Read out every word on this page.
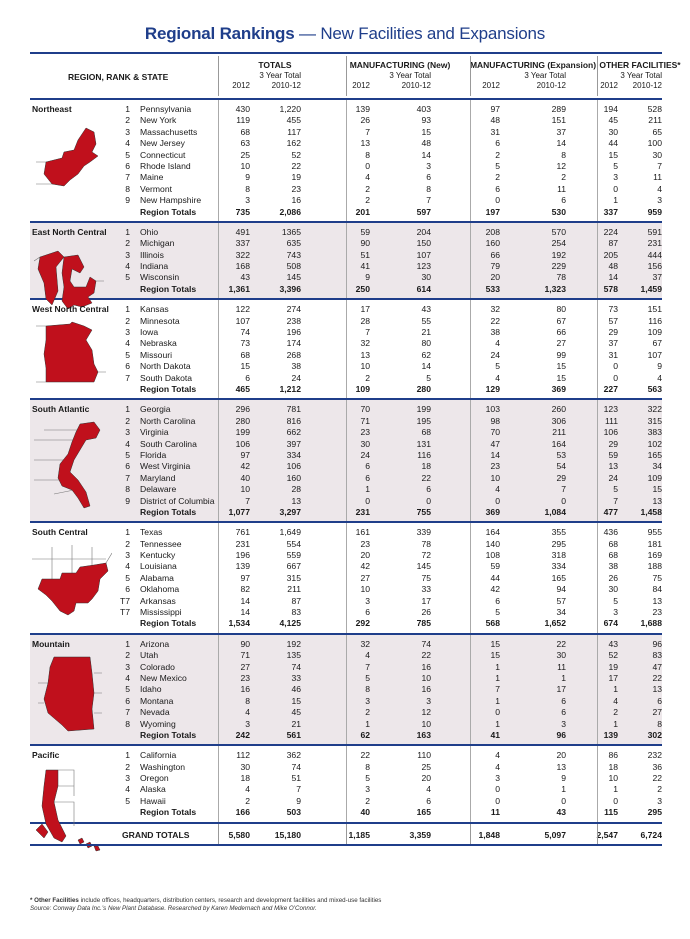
Regional Rankings — New Facilities and Expansions
REGION, RANK & STATE
TOTALS
2012
3 Year Total
2010-12
MANUFACTURING (New)
2012
3 Year Total
2010-12
MANUFACTURING (Expansion)
2012
3 Year Total
2010-12
OTHER FACILITIES*
2012
3 Year Total
2010-12
Northeast	1 Pennsylvania	430	1,220	139	403	97	289	194	528
2 New York	119	455	26	93	48	151	45	211
3 Massachusetts	68	117	7	15	31	37	30	65
4 New Jersey	63	162	13	48	6	14	44	100
5 Connecticut	25	52	8	14	2	8	15	30
6 Rhode Island	10	22	0	3	5	12	5	7
7 Maine	9	19	4	6	2	2	3	11
8 Vermont	8	23	2	8	6	11	0	4
9 New Hampshire	3	16	2	7	0	6	1	3
Region Totals	735	2,086	201	597	197	530	337	959
East North Central	1 Ohio	491	1365	59	204	208	570	224	591
2 Michigan	337	635	90	150	160	254	87	231
3 Illinois	322	743	51	107	66	192	205	444
4 Indiana	168	508	41	123	79	229	48	156
5 Wisconsin	43	145	9	30	20	78	14	37
Region Totals	1,361	3,396	250	614	533	1,323	578	1,459
West North Central	1 Kansas	122	274	17	43	32	80	73	151
2 Minnesota	107	238	28	55	22	67	57	116
3 Iowa	74	196	7	21	38	66	29	109
4 Nebraska	73	174	32	80	4	27	37	67
5 Missouri	68	268	13	62	24	99	31	107
6 North Dakota	15	38	10	14	5	15	0	9
7 South Dakota	6	24	2	5	4	15	0	4
Region Totals	465	1,212	109	280	129	369	227	563
South Atlantic	1 Georgia	296	781	70	199	103	260	123	322
2 North Carolina	280	816	71	195	98	306	111	315
3 Virginia	199	662	23	68	70	211	106	383
4 South Carolina	106	397	30	131	47	164	29	102
5 Florida	97	334	24	116	14	53	59	165
6 West Virginia	42	106	6	18	23	54	13	34
7 Maryland	40	160	6	22	10	29	24	109
8 Delaware	10	28	1	6	4	7	5	15
9 District of Columbia	7	13	0	0	0	0	7	13
Region Totals	1,077	3,297	231	755	369	1,084	477	1,458
South Central	1 Texas	761	1,649	161	339	164	355	436	955
2 Tennessee	231	554	23	78	140	295	68	181
3 Kentucky	196	559	20	72	108	318	68	169
4 Louisiana	139	667	42	145	59	334	38	188
5 Alabama	97	315	27	75	44	165	26	75
6 Oklahoma	82	211	10	33	42	94	30	84
T7 Arkansas	14	87	3	17	6	57	5	13
T7 Mississippi	14	83	6	26	5	34	3	23
Region Totals	1,534	4,125	292	785	568	1,652	674	1,688
Mountain	1 Arizona	90	192	32	74	15	22	43	96
2 Utah	71	135	4	22	15	30	52	83
3 Colorado	27	74	7	16	1	11	19	47
4 New Mexico	23	33	5	10	1	1	17	22
5 Idaho	16	46	8	16	7	17	1	13
6 Montana	8	15	3	3	1	6	4	6
7 Nevada	4	45	2	12	0	6	2	27
8 Wyoming	3	21	1	10	1	3	1	8
Region Totals	242	561	62	163	41	96	139	302
Pacific	1 California	112	362	22	110	4	20	86	232
2 Washington	30	74	8	25	4	13	18	36
3 Oregon	18	51	5	20	3	9	10	22
4 Alaska	4	7	3	4	0	1	1	2
5 Hawaii	2	9	2	6	0	0	0	3
Region Totals	166	503	40	165	11	43	115	295
GRAND TOTALS	5,580	15,180	1,185	3,359	1,848	5,097	2,547	6,724
* Other Facilities include offices, headquarters, distribution centers, research and development facilities and mixed-use facilities
Source: Conway Data Inc.’s New Plant Database. Researched by Karen Medernach and Mike O’Connor.
